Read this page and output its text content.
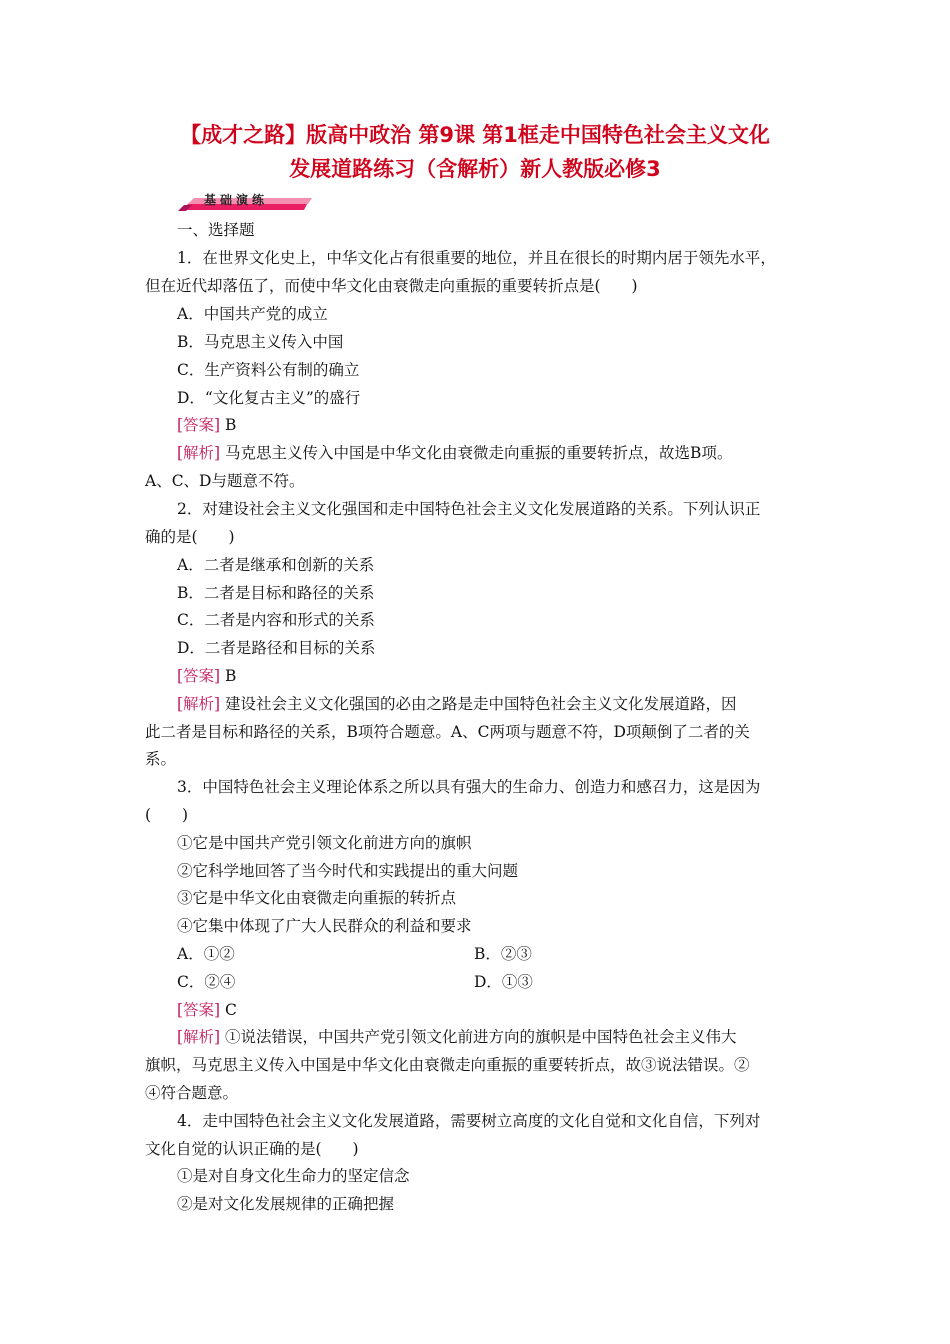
【成才之路】版高中政治 第9课 第1框走中国特色社会主义文化
发展道路练习（含解析）新人教版必修3
基础演练
一、选择题
1．在世界文化史上，中华文化占有很重要的地位，并且在很长的时期内居于领先水平，
但在近代却落伍了，而使中华文化由衰微走向重振的重要转折点是(　　)
A．中国共产党的成立
B．马克思主义传入中国
C．生产资料公有制的确立
D．“文化复古主义”的盛行
[答案] B
[解析] 马克思主义传入中国是中华文化由衰微走向重振的重要转折点，故选B项。
A、C、D与题意不符。
2．对建设社会主义文化强国和走中国特色社会主义文化发展道路的关系。下列认识正
确的是(　　)
A．二者是继承和创新的关系
B．二者是目标和路径的关系
C．二者是内容和形式的关系
D．二者是路径和目标的关系
[答案] B
[解析] 建设社会主义文化强国的必由之路是走中国特色社会主义文化发展道路，因
此二者是目标和路径的关系，B项符合题意。A、C两项与题意不符，D项颠倒了二者的关
系。
3．中国特色社会主义理论体系之所以具有强大的生命力、创造力和感召力，这是因为
(　　)
①它是中国共产党引领文化前进方向的旗帜
②它科学地回答了当今时代和实践提出的重大问题
③它是中华文化由衰微走向重振的转折点
④它集中体现了广大人民群众的利益和要求
A．①②	B．②③
C．②④	D．①③
[答案] C
[解析] ①说法错误，中国共产党引领文化前进方向的旗帜是中国特色社会主义伟大
旗帜，马克思主义传入中国是中华文化由衰微走向重振的重要转折点，故③说法错误。②
④符合题意。
4．走中国特色社会主义文化发展道路，需要树立高度的文化自觉和文化自信，下列对
文化自觉的认识正确的是(　　)
①是对自身文化生命力的坚定信念
②是对文化发展规律的正确把握
